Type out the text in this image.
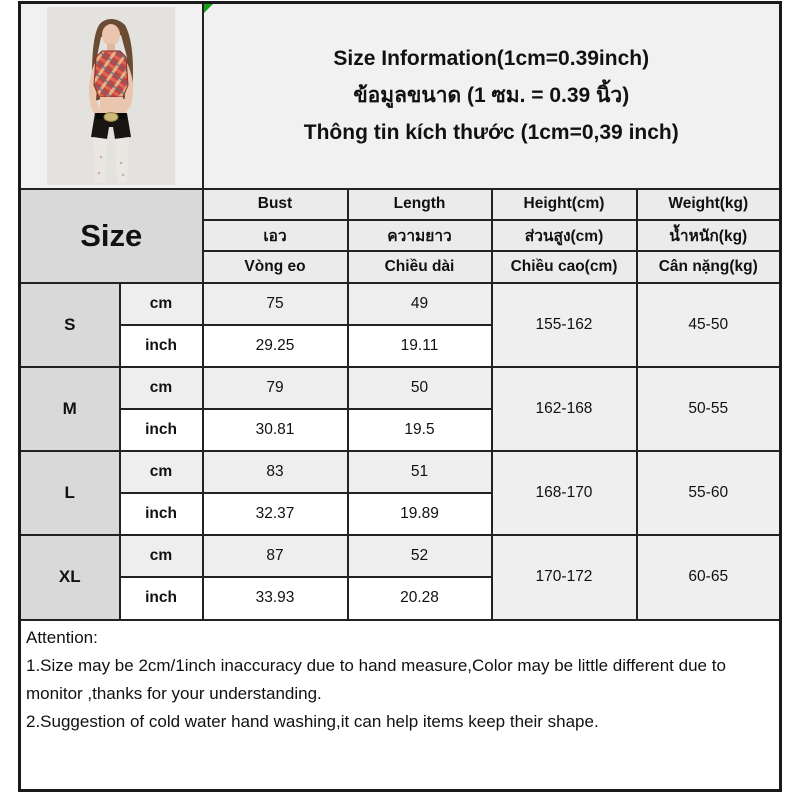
Size Information(1cm=0.39inch)
ข้อมูลขนาด (1 ซม. = 0.39 นิ้ว)
Thông tin kích thước (1cm=0,39 inch)			

Size		Bust	Length	Height(cm)	Weight(kg)
		เอว	ความยาว	ส่วนสูง(cm)	น้ำหนัก(kg)
		Vòng eo	Chiều dài	Chiều cao(cm)	Cân nặng(kg)
S	cm	75	49	155-162	45-50
	inch	29.25	19.11		
M	cm	79	50	162-168	50-55
	inch	30.81	19.5		
L	cm	83	51	168-170	55-60
	inch	32.37	19.89		
XL	cm	87	52	170-172	60-65
	inch	33.93	20.28		

Attention:
1.Size may be 2cm/1inch inaccuracy due to hand measure,Color may be little different due to monitor ,thanks for your understanding.
2.Suggestion of cold water hand washing,it can help items keep their shape.					
